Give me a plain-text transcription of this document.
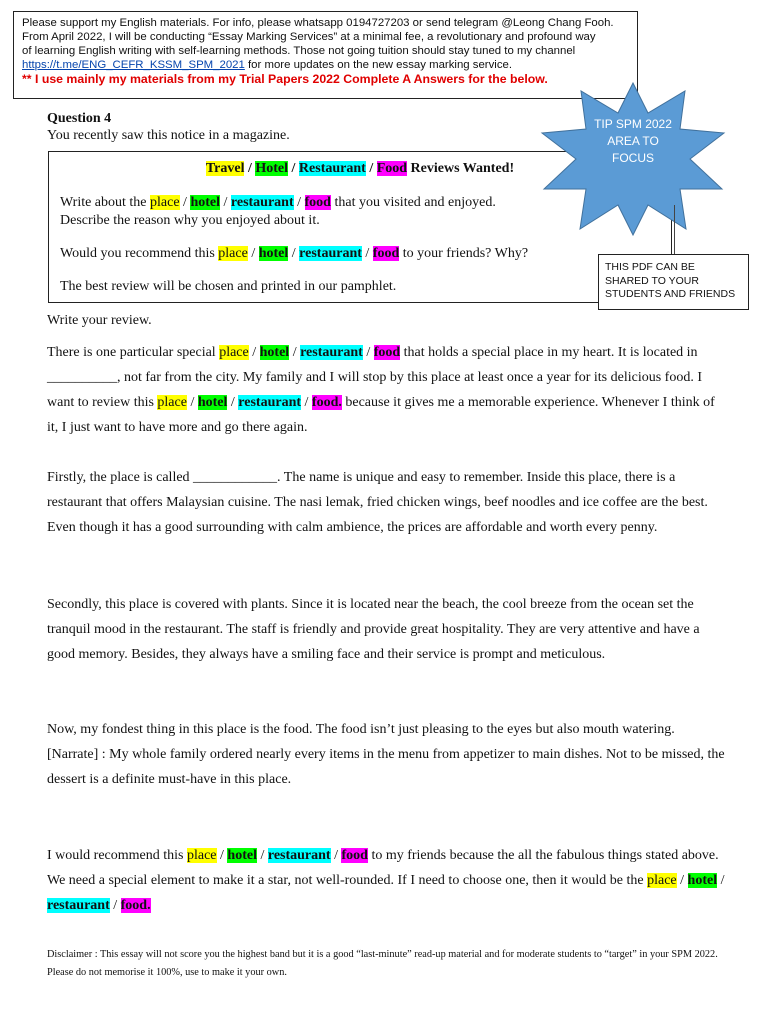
Please support my English materials. For info, please whatsapp 0194727203 or send telegram @Leong Chang Fooh.
From April 2022, I will be conducting “Essay Marking Services” at a minimal fee, a revolutionary and profound way
of learning English writing with self-learning methods. Those not going tuition should stay tuned to my channel
https://t.me/ENG_CEFR_KSSM_SPM_2021 for more updates on the new essay marking service.
** I use mainly my materials from my Trial Papers 2022 Complete A Answers for the below.
Question 4
You recently saw this notice in a magazine.
Travel / Hotel / Restaurant / Food Reviews Wanted!
Write about the place / hotel / restaurant / food that you visited and enjoyed.
Describe the reason why you enjoyed about it.
Would you recommend this place / hotel / restaurant / food to your friends? Why?
The best review will be chosen and printed in our pamphlet.
TIP SPM 2022
AREA TO
FOCUS
THIS PDF CAN BE
SHARED TO YOUR
STUDENTS AND FRIENDS
Write your review.
There is one particular special place / hotel / restaurant / food that holds a special place in my heart. It is located in __________, not far from the city. My family and I will stop by this place at least once a year for its delicious food. I want to review this place / hotel / restaurant / food. because it gives me a memorable experience. Whenever I think of it, I just want to have more and go there again.
Firstly, the place is called ____________. The name is unique and easy to remember. Inside this place, there is a restaurant that offers Malaysian cuisine. The nasi lemak, fried chicken wings, beef noodles and ice coffee are the best. Even though it has a good surrounding with calm ambience, the prices are affordable and worth every penny.
Secondly, this place is covered with plants. Since it is located near the beach, the cool breeze from the ocean set the tranquil mood in the restaurant. The staff is friendly and provide great hospitality. They are very attentive and have a good memory. Besides, they always have a smiling face and their service is prompt and meticulous.
Now, my fondest thing in this place is the food. The food isn’t just pleasing to the eyes but also mouth watering. [Narrate] : My whole family ordered nearly every items in the menu from appetizer to main dishes. Not to be missed, the dessert is a definite must-have in this place.
I would recommend this place / hotel / restaurant / food to my friends because the all the fabulous things stated above. We need a special element to make it a star, not well-rounded. If I need to choose one, then it would be the place / hotel / restaurant / food.
Disclaimer : This essay will not score you the highest band but it is a good “last-minute” read-up material and for moderate students to “target” in your SPM 2022. Please do not memorise it 100%, use to make it your own.
